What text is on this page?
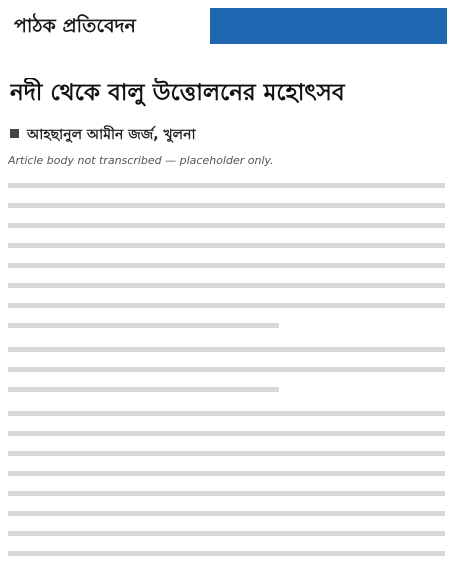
পাঠক প্রতিবেদন
নদী থেকে বালু উত্তোলনের মহোৎসব
আহছানুল আমীন জর্জ, খুলনা
Article body not transcribed — placeholder only.
